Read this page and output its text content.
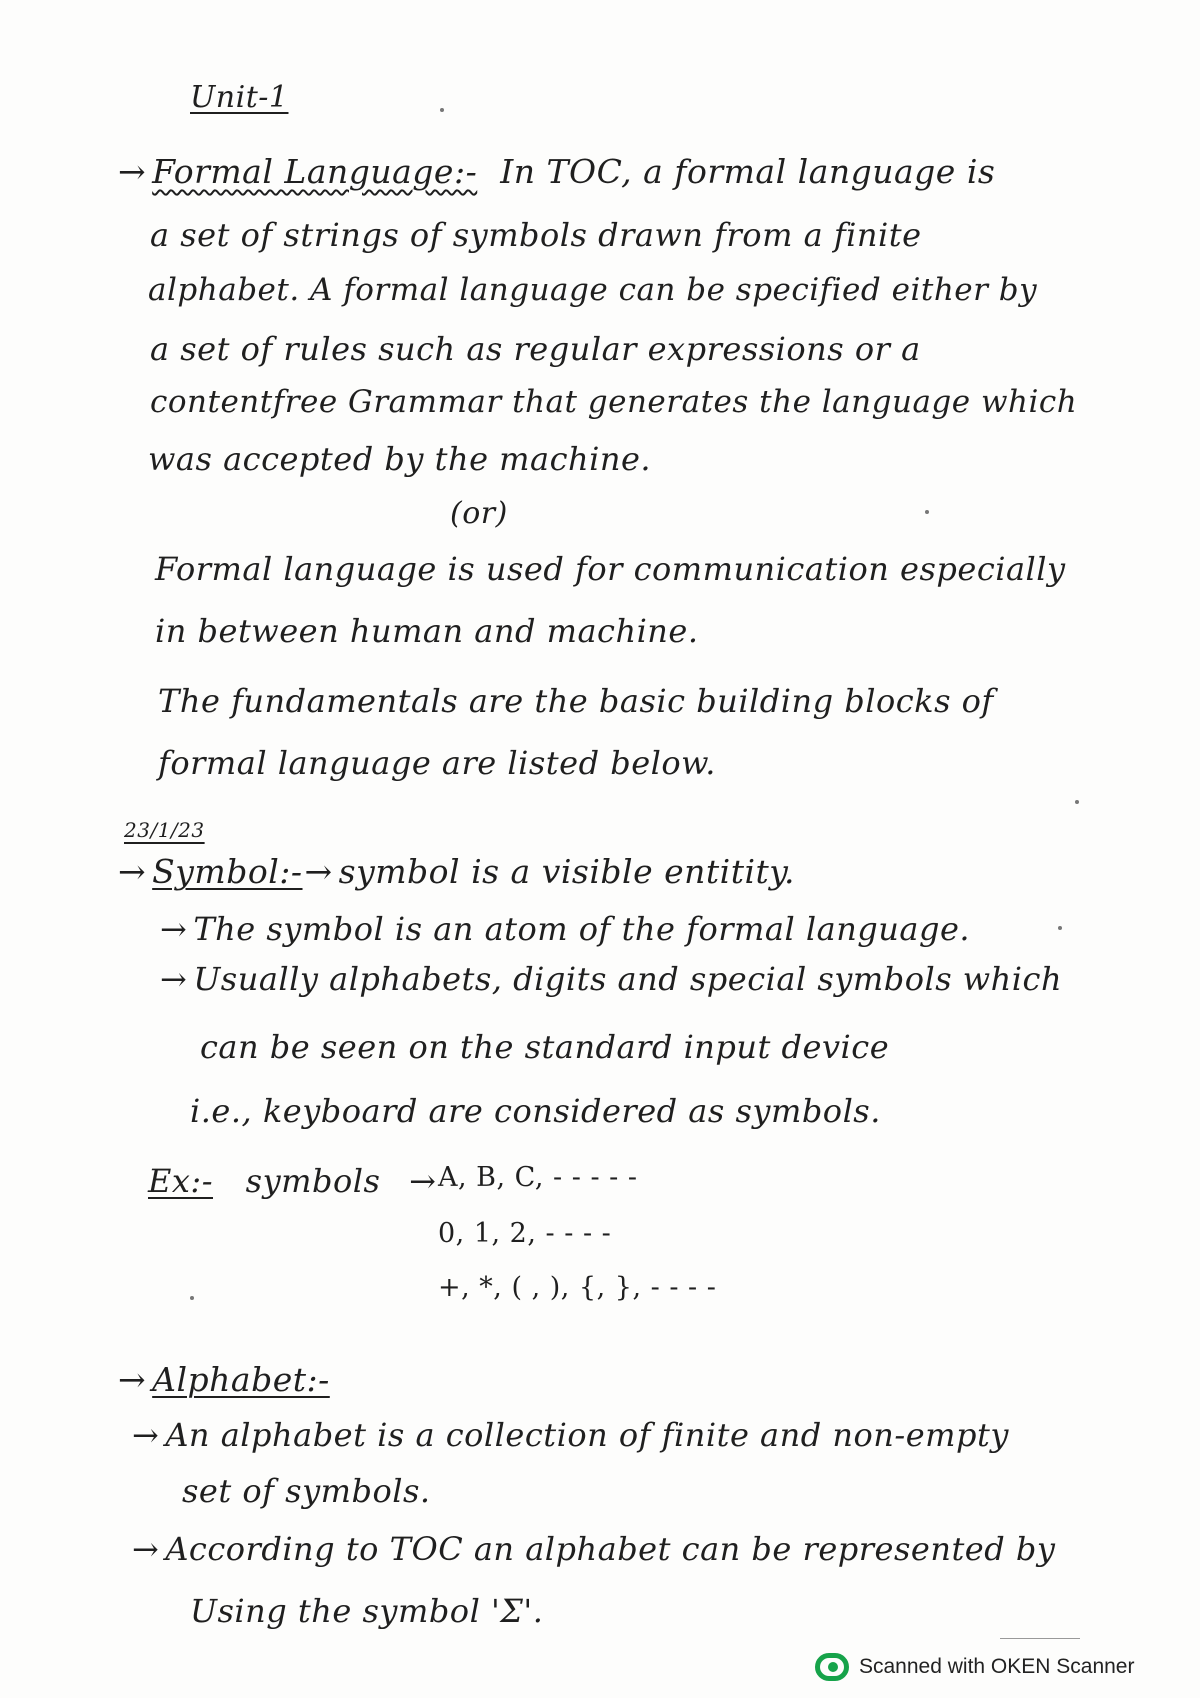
Unit-1
→ Formal Language:- In TOC, a formal language is
a set of strings of symbols drawn from a finite
alphabet. A formal language can be specified either by
a set of rules such as regular expressions or a
contentfree Grammar that generates the language which
was accepted by the machine.
(or)
Formal language is used for communication especially
in between human and machine.
The fundamentals are the basic building blocks of
formal language are listed below.
23/1/23
→ Symbol:-→ symbol is a visible entitity.
→ The symbol is an atom of the formal language.
→ Usually alphabets, digits and special symbols which
can be seen on the standard input device
i.e., keyboard are considered as symbols.
Ex:- symbols → A, B, C, - - - - -
0, 1, 2, - - - -
+, *, ( , ), {, }, - - - -
→ Alphabet:-
→ An alphabet is a collection of finite and non-empty
set of symbols.
→ According to TOC an alphabet can be represented by
Using the symbol 'Σ'.
Scanned with OKEN Scanner
